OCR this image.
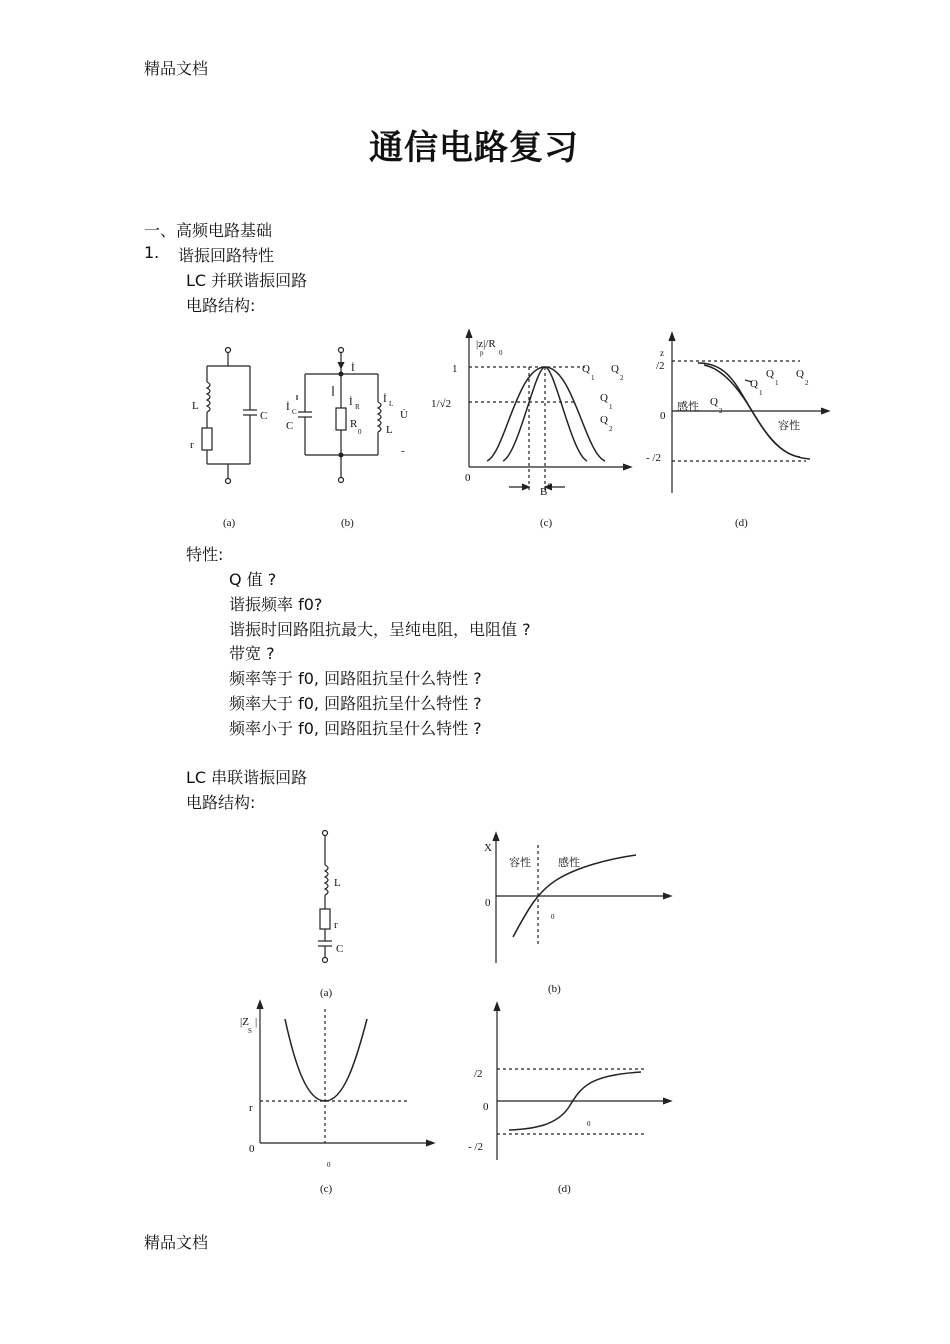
精品文档
通信电路复习
一、高频电路基础
1. 谐振回路特性
LC 并联谐振回路
电路结构:
L
C
r
(a)
İ
İ C
C
İ R
R
0
İ L
L
U̇
-
(b)
|z|/R
p 0
1
1/√2
0
Q
1
Q
2
Q
1
Q
2
B 0
(c)
z
/2
0
- /2
感性
容性
Q
1
Q
1
Q
2
Q
2
(d)
特性:
Q 值 ?
谐振频率 f0?
谐振时回路阻抗最大，呈纯电阻，电阻值 ?
带宽 ?
频率等于 f0, 回路阻抗呈什么特性 ?
频率大于 f0, 回路阻抗呈什么特性 ?
频率小于 f0, 回路阻抗呈什么特性 ?
LC 串联谐振回路
电路结构:
L
r
C
(a)
X
容性 感性
0
0
(b)
|Z
S
|
r
0
0
(c)
/2
0
- /2
0
(d)
精品文档
